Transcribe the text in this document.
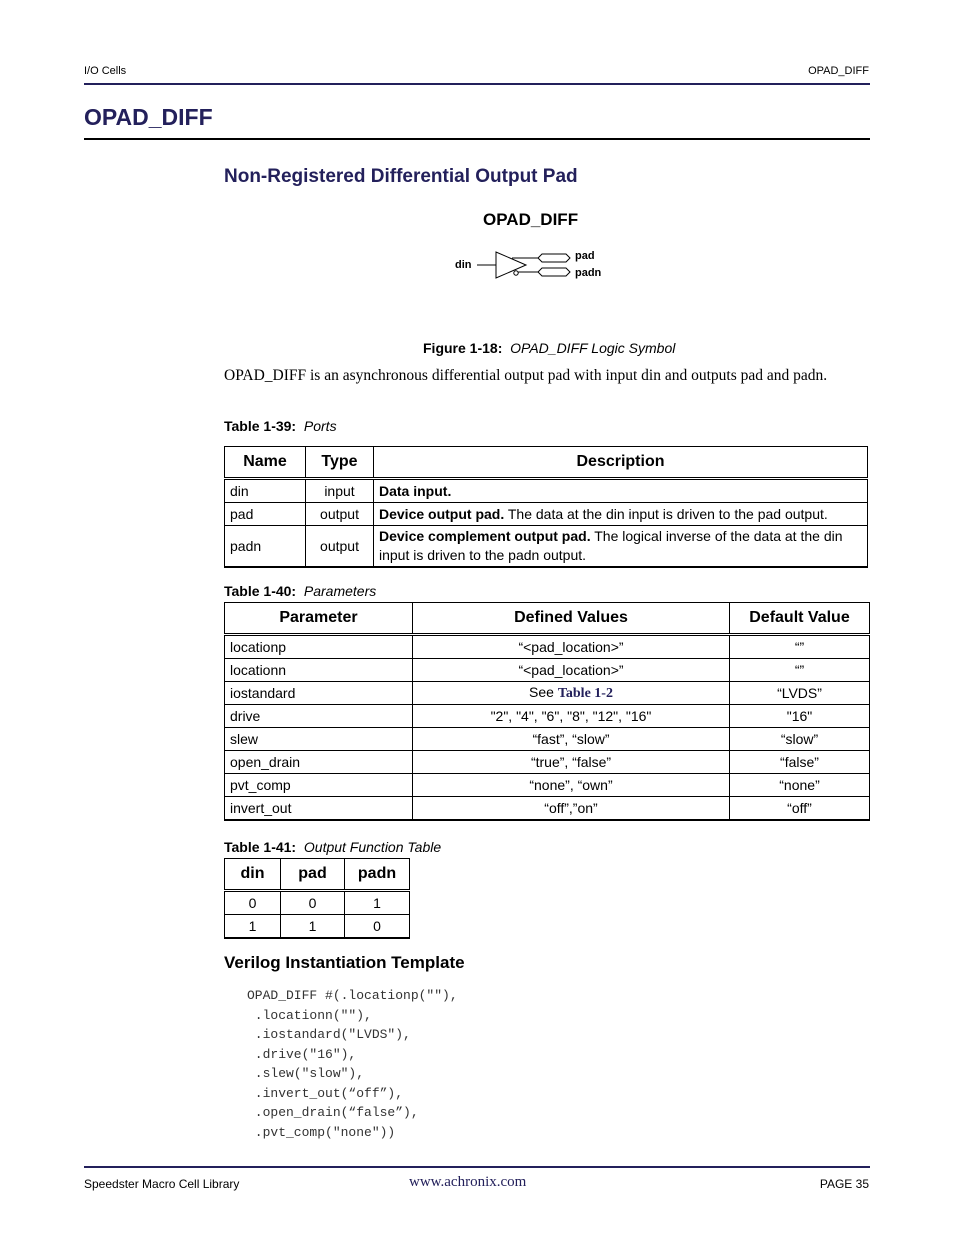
I/O Cells	OPAD_DIFF
OPAD_DIFF
Non-Registered Differential Output Pad
OPAD_DIFF
din
pad
padn
Figure 1-18: OPAD_DIFF Logic Symbol
OPAD_DIFF is an asynchronous differential output pad with input din and outputs pad and padn.
Table 1-39: Ports
Name	Type	Description
din	input	Data input.
pad	output	Device output pad. The data at the din input is driven to the pad output.
padn	output	Device complement output pad. The logical inverse of the data at the din input is driven to the padn output.
Table 1-40: Parameters
Parameter	Defined Values	Default Value
locationp	“<pad_location>”	“”
locationn	“<pad_location>”	“”
iostandard	See Table 1-2	“LVDS”
drive	"2", "4", "6", "8", "12", "16"	"16"
slew	“fast”, “slow”	“slow”
open_drain	“true”, “false”	“false”
pvt_comp	“none”, “own”	“none”
invert_out	“off”,”on”	“off”
Table 1-41: Output Function Table
din	pad	padn
0	0	1
1	1	0
Verilog Instantiation Template
OPAD_DIFF #(.locationp(""),
.locationn(""),
.iostandard("LVDS"),
.drive("16"),
.slew("slow"),
.invert_out(“off”),
.open_drain(“false”),
.pvt_comp("none"))
Speedster Macro Cell Library	www.achronix.com	PAGE 35
